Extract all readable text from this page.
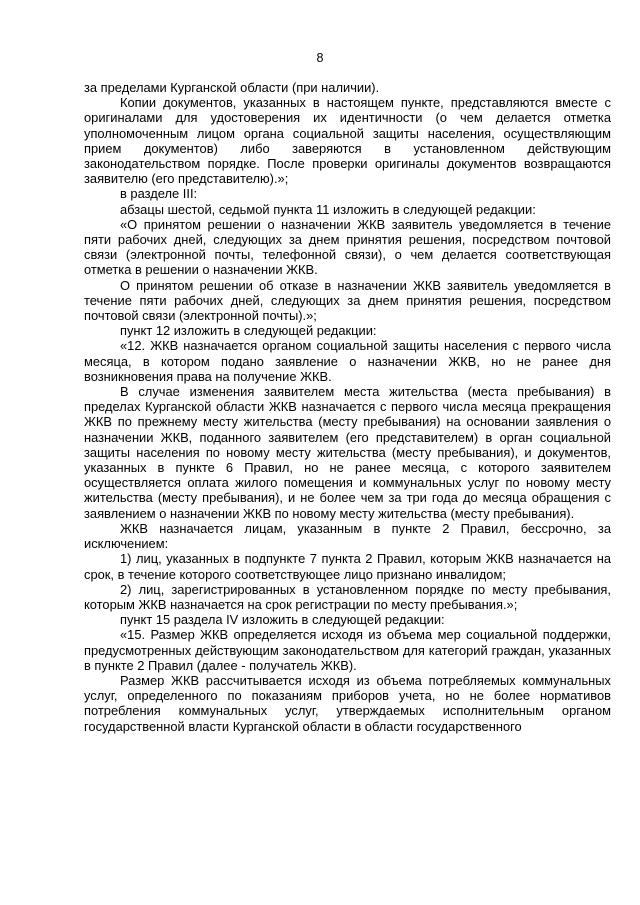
8

за пределами Курганской области (при наличии).

Копии документов, указанных в настоящем пункте, представляются вместе с оригиналами для удостоверения их идентичности (о чем делается отметка уполномоченным лицом органа социальной защиты населения, осуществляющим прием документов) либо заверяются в установленном действующим законодательством порядке. После проверки оригиналы документов возвращаются заявителю (его представителю).»;

в разделе III:

абзацы шестой, седьмой пункта 11 изложить в следующей редакции:

«О принятом решении о назначении ЖКВ заявитель уведомляется в течение пяти рабочих дней, следующих за днем принятия решения, посредством почтовой связи (электронной почты, телефонной связи), о чем делается соответствующая отметка в решении о назначении ЖКВ.

О принятом решении об отказе в назначении ЖКВ заявитель уведомляется в течение пяти рабочих дней, следующих за днем принятия решения, посредством почтовой связи (электронной почты).»;

пункт 12 изложить в следующей редакции:

«12. ЖКВ назначается органом социальной защиты населения с первого числа месяца, в котором подано заявление о назначении ЖКВ, но не ранее дня возникновения права на получение ЖКВ.

В случае изменения заявителем места жительства (места пребывания) в пределах Курганской области ЖКВ назначается с первого числа месяца прекращения ЖКВ по прежнему месту жительства (месту пребывания) на основании заявления о назначении ЖКВ, поданного заявителем (его представителем) в орган социальной защиты населения по новому месту жительства (месту пребывания), и документов, указанных в пункте 6 Правил, но не ранее месяца, с которого заявителем осуществляется оплата жилого помещения и коммунальных услуг по новому месту жительства (месту пребывания), и не более чем за три года до месяца обращения с заявлением о назначении ЖКВ по новому месту жительства (месту пребывания).

ЖКВ назначается лицам, указанным в пункте 2 Правил, бессрочно, за исключением:

1) лиц, указанных в подпункте 7 пункта 2 Правил, которым ЖКВ назначается на срок, в течение которого соответствующее лицо признано инвалидом;

2) лиц, зарегистрированных в установленном порядке по месту пребывания, которым ЖКВ назначается на срок регистрации по месту пребывания.»;

пункт 15 раздела IV изложить в следующей редакции:

«15. Размер ЖКВ определяется исходя из объема мер социальной поддержки, предусмотренных действующим законодательством для категорий граждан, указанных в пункте 2 Правил (далее - получатель ЖКВ).

Размер ЖКВ рассчитывается исходя из объема потребляемых коммунальных услуг, определенного по показаниям приборов учета, но не более нормативов потребления коммунальных услуг, утверждаемых исполнительным органом государственной власти Курганской области в области государственного
